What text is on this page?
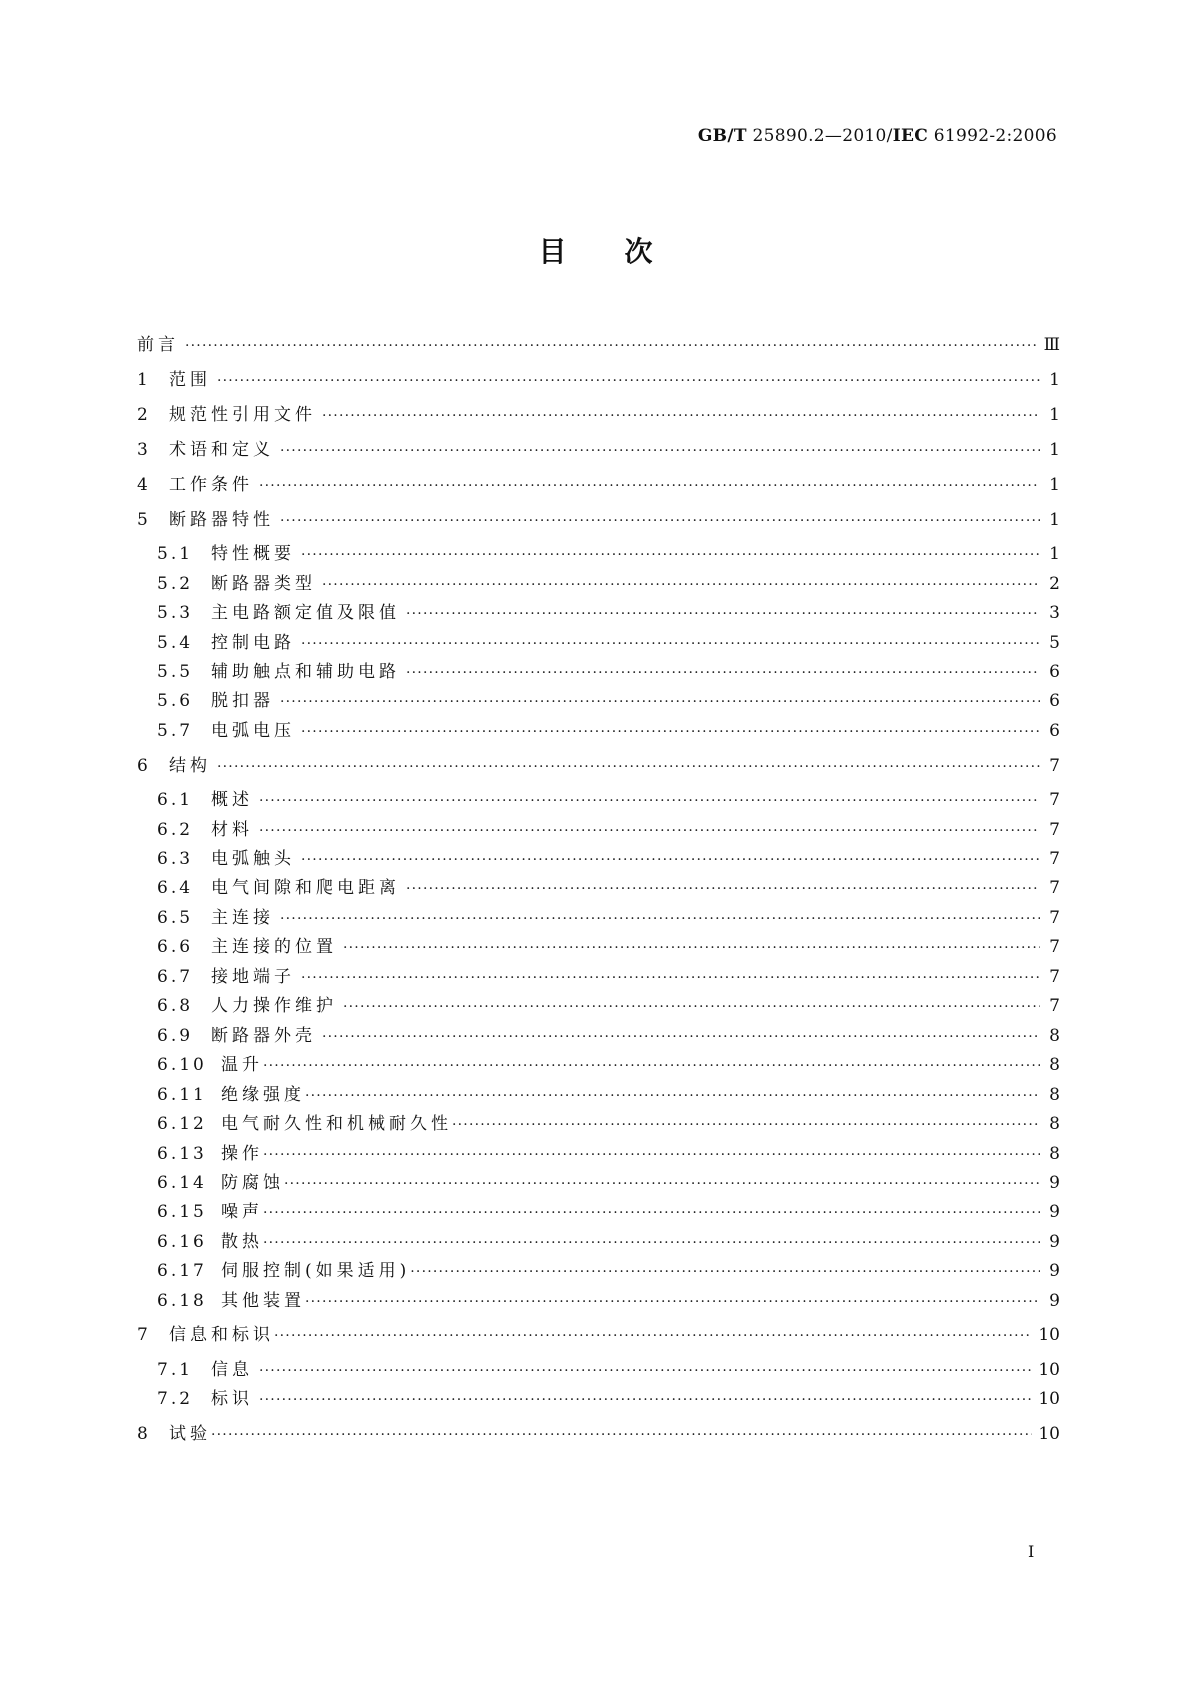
GB/T 25890.2—2010/IEC 61992-2:2006
目次
前言 ·····	Ⅲ
1	范围 ·····	1
2	规范性引用文件 ·····	1
3	术语和定义 ·····	1
4	工作条件 ·····	1
5	断路器特性 ·····	1
5.1	特性概要 ·····	1
5.2	断路器类型 ·····	2
5.3	主电路额定值及限值 ·····	3
5.4	控制电路 ·····	5
5.5	辅助触点和辅助电路 ·····	6
5.6	脱扣器 ·····	6
5.7	电弧电压 ·····	6
6	结构 ·····	7
6.1	概述 ·····	7
6.2	材料 ·····	7
6.3	电弧触头 ·····	7
6.4	电气间隙和爬电距离 ·····	7
6.5	主连接 ·····	7
6.6	主连接的位置 ·····	7
6.7	接地端子 ·····	7
6.8	人力操作维护 ·····	7
6.9	断路器外壳 ·····	8
6.10 温升 ·····	8
6.11 绝缘强度 ·····	8
6.12 电气耐久性和机械耐久性 ·····	8
6.13 操作 ·····	8
6.14 防腐蚀 ·····	9
6.15 噪声 ·····	9
6.16 散热 ·····	9
6.17 伺服控制(如果适用) ·····	9
6.18 其他装置 ·····	9
7	信息和标识 ·····	10
7.1	信息 ·····	10
7.2	标识 ·····	10
8	试验 ·····	10
Ⅰ
